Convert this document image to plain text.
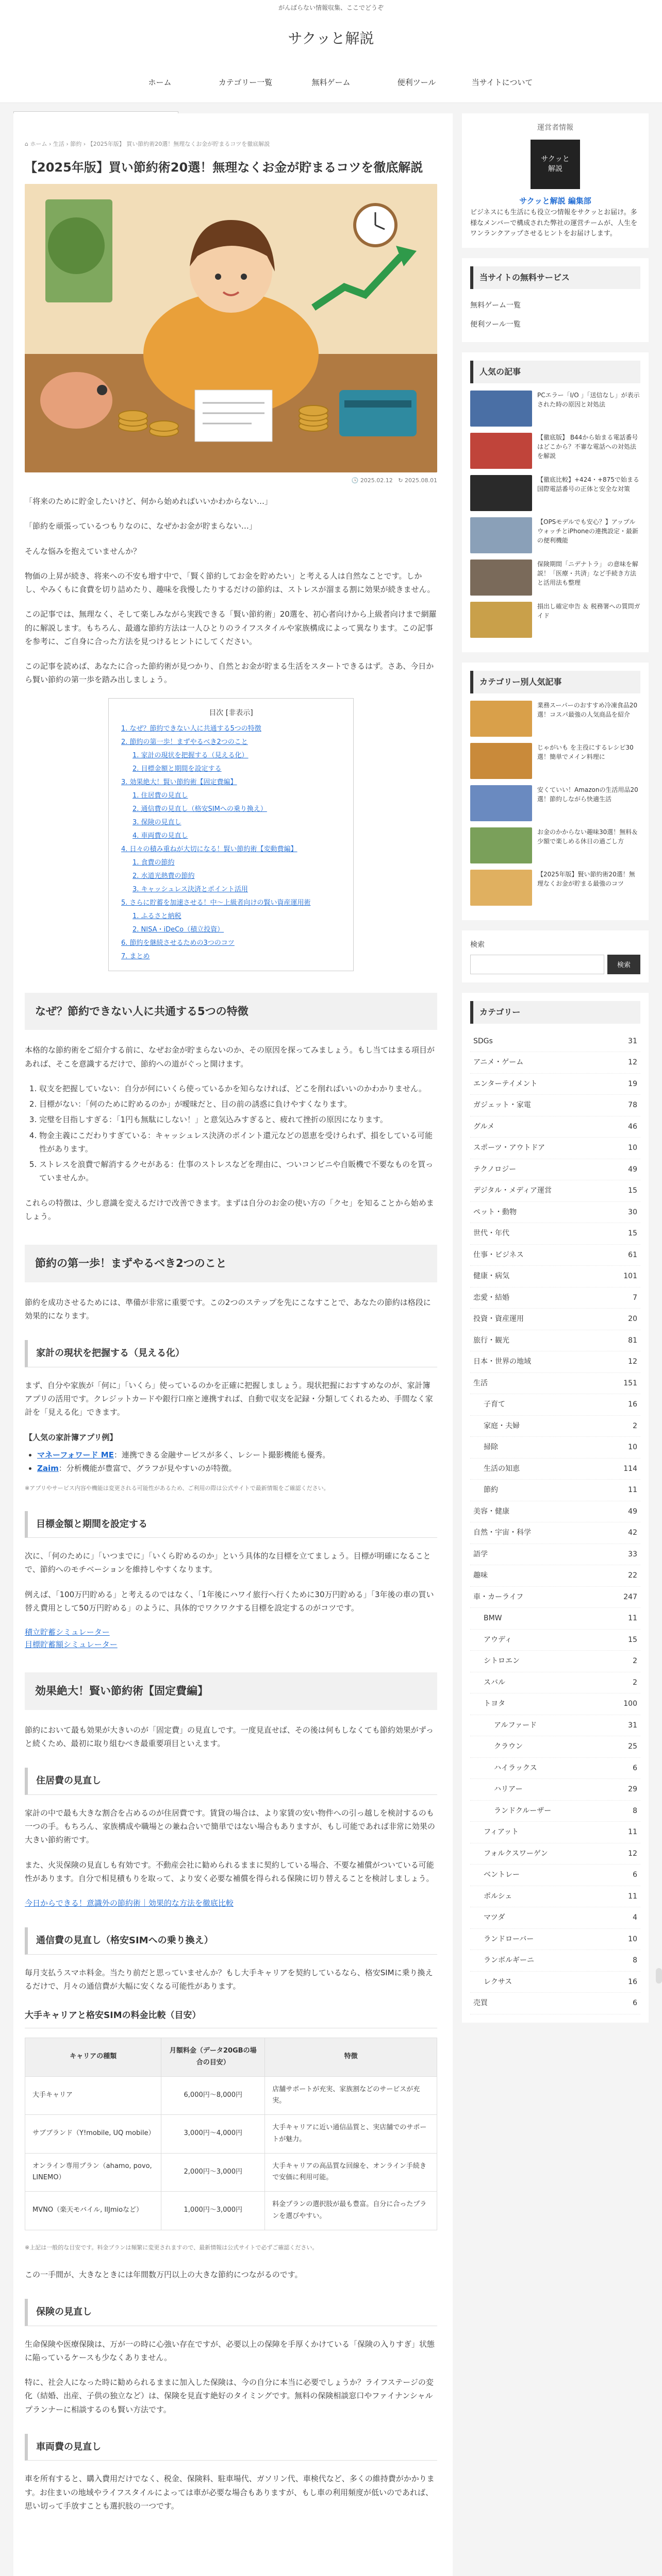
がんばらない情報収集、ここでどうぞ
サクッと解説
ホーム	カテゴリー一覧	無料ゲーム	便利ツール	当サイトについて
⌂ ホーム › 生活 › 節約 › 【2025年版】 買い節約術20選！無理なくお金が貯まるコツを徹底解説
【2025年版】買い節約術20選！無理なくお金が貯まるコツを徹底解説
🕓 2025.02.12 ↻ 2025.08.01

「将来のために貯金したいけど、何から始めればいいかわからない…」

「節約を頑張っているつもりなのに、なぜかお金が貯まらない…」

そんな悩みを抱えていませんか？

物価の上昇が続き、将来への不安も増す中で、「賢く節約してお金を貯めたい」と考える人は自然なことです。しかし、やみくもに食費を切り詰めたり、趣味を我慢したりするだけの節約は、ストレスが溜まる割に効果が続きません。

この記事では、無理なく、そして楽しみながら実践できる「賢い節約術」20選を、初心者向けから上級者向けまで網羅的に解説します。もちろん、最適な節約方法は一人ひとりのライフスタイルや家族構成によって異なります。この記事を参考に、ご自身に合った方法を見つけるヒントにしてください。

この記事を読めば、あなたに合った節約術が見つかり、自然とお金が貯まる生活をスタートできるはず。さあ、今日から賢い節約の第一歩を踏み出しましょう。

目次 [非表示]
1. なぜ？節約できない人に共通する5つの特徴
2. 節約の第一歩！まずやるべき2つのこと
1. 家計の現状を把握する（見える化）
2. 目標金額と期間を設定する
3. 効果絶大！賢い節約術【固定費編】
1. 住居費の見直し
2. 通信費の見直し（格安SIMへの乗り換え）
3. 保険の見直し
4. 車両費の見直し
4. 日々の積み重ねが大切になる！賢い節約術【変動費編】
1. 食費の節約
2. 水道光熱費の節約
3. キャッシュレス決済とポイント活用
5. さらに貯蓄を加速させる！中〜上級者向けの賢い資産運用術
1. ふるさと納税
2. NISA・iDeCo（積立投資）
6. 節約を継続させるための3つのコツ
7. まとめ
なぜ？節約できない人に共通する5つの特徴

本格的な節約術をご紹介する前に、なぜお金が貯まらないのか、その原因を探ってみましょう。もし当てはまる項目があれば、そこを意識するだけで、節約への道がぐっと開けます。

1. 収支を把握していない：自分が何にいくら使っているかを知らなければ、どこを削ればいいのかわかりません。
2. 目標がない：「何のために貯めるのか」が曖昧だと、目の前の誘惑に負けやすくなります。
3. 完璧を目指しすぎる：「1円も無駄にしない！」と意気込みすぎると、疲れて挫折の原因になります。
4. 物金主義にこだわりすぎている：キャッシュレス決済のポイント還元などの恩恵を受けられず、損をしている可能性があります。
5. ストレスを浪費で解消するクセがある：仕事のストレスなどを理由に、ついコンビニや自販機で不要なものを買っていませんか。

これらの特徴は、少し意識を変えるだけで改善できます。まずは自分のお金の使い方の「クセ」を知ることから始めましょう。

節約の第一歩！まずやるべき2つのこと

節約を成功させるためには、準備が非常に重要です。この2つのステップを先にこなすことで、あなたの節約は格段に効果的になります。

家計の現状を把握する（見える化）

まず、自分や家族が「何に」「いくら」使っているのかを正確に把握しましょう。現状把握におすすめなのが、家計簿アプリの活用です。クレジットカードや銀行口座と連携すれば、自動で収支を記録・分類してくれるため、手間なく家計を「見える化」できます。

【人気の家計簿アプリ例】

• マネーフォワード ME：連携できる金融サービスが多く、レシート撮影機能も優秀。
• Zaim：分析機能が豊富で、グラフが見やすいのが特徴。
※アプリやサービス内容や機能は変更される可能性があるため、ご利用の際は公式サイトで最新情報をご確認ください。
目標金額と期間を設定する

次に、「何のために」「いつまでに」「いくら貯めるのか」という具体的な目標を立てましょう。目標が明確になることで、節約へのモチベーションを維持しやすくなります。

例えば、「100万円貯める」と考えるのではなく、「1年後にハワイ旅行へ行くために30万円貯める」「3年後の車の買い替え費用として50万円貯める」のように、具体的でワクワクする目標を設定するのがコツです。

積立貯蓄シミュレーター
目標貯蓄額シミュレーター

効果絶大！賢い節約術【固定費編】

節約において最も効果が大きいのが「固定費」の見直しです。一度見直せば、その後は何もしなくても節約効果がずっと続くため、最初に取り組むべき最重要項目といえます。

住居費の見直し

家計の中で最も大きな割合を占めるのが住居費です。賃貸の場合は、より家賃の安い物件への引っ越しを検討するのも一つの手。もちろん、家族構成や職場との兼ね合いで簡単ではない場合もありますが、もし可能であれば非常に効果の大きい節約術です。

また、火災保険の見直しも有効です。不動産会社に勧められるままに契約している場合、不要な補償がついている可能性があります。自分で相見積もりを取って、より安く必要な補償を得られる保険に切り替えることを検討しましょう。

今日からできる！意識外の節約術｜効果的な方法を徹底比較

通信費の見直し（格安SIMへの乗り換え）

毎月支払うスマホ料金。当たり前だと思っていませんか？もし大手キャリアを契約しているなら、格安SIMに乗り換えるだけで、月々の通信費が大幅に安くなる可能性があります。

大手キャリアと格安SIMの料金比較（目安）
キャリアの種類	月額料金（データ20GBの場合の目安）	特徴
大手キャリア	6,000円〜8,000円	店舗サポートが充実、家族割などのサービスが充実。
サブブランド（Y!mobile, UQ mobile）	3,000円〜4,000円	大手キャリアに近い通信品質と、実店舗でのサポートが魅力。
オンライン専用プラン（ahamo, povo, LINEMO）	2,000円〜3,000円	大手キャリアの高品質な回線を、オンライン手続きで安価に利用可能。
MVNO（楽天モバイル, IIJmioなど）	1,000円〜3,000円	料金プランの選択肢が最も豊富。自分に合ったプランを選びやすい。
※上記は一般的な目安です。料金プランは頻繁に変更されますので、最新情報は公式サイトで必ずご確認ください。

この一手間が、大きなときには年間数万円以上の大きな節約につながるのです。

保険の見直し

生命保険や医療保険は、万が一の時に心強い存在ですが、必要以上の保障を手厚くかけている「保険の入りすぎ」状態に陥っているケースも少なくありません。

特に、社会人になった時に勧められるままに加入した保険は、今の自分に本当に必要でしょうか？ライフステージの変化（結婚、出産、子供の独立など）は、保険を見直す絶好のタイミングです。無料の保険相談窓口やファイナンシャルプランナーに相談するのも賢い方法です。

車両費の見直し

車を所有すると、購入費用だけでなく、税金、保険料、駐車場代、ガソリン代、車検代など、多くの維持費がかかります。お住まいの地域やライフスタイルによっては車が必要な場合もありますが、もし車の利用頻度が低いのであれば、思い切って手放すことも選択肢の一つです。

運営者情報
サクッと
解説
サクッと解説 編集部
ビジネスにも生活にも役立つ情報をサクッとお届け。多様なメンバーで構成された弊社の運営チームが、人生をワンランクアップさせるヒントをお届けします。
当サイトの無料サービス
無料ゲーム一覧
便利ツール一覧
人気の記事
PCエラー「I/O 」「送信なし」が表示された時の原因と対処法
【徹底版】 B44から始まる電話番号はどこから？不審な電話への対処法を解説
【徹底比較】+424・+875で始まる国際電話番号の正体と安全な対策
【OPSモデルでも安心？】アップルウォッチとiPhoneの連携設定・最新の便利機能
保険期間「ニデナトラ」 の意味を解説！「医療・共済」など手続き方法と活用法も整理
損出し確定申告 ＆ 税務署への質問ガイド
カテゴリー別人気記事
業務スーパーのおすすめ冷凍食品20選！コスパ最強の人気商品を紹介
じゃがいも を主役にするレシピ30選！簡単でメイン料理に
安くていい！Amazonの生活用品20選！節約しながら快適生活
お金のかからない趣味30選！無料＆少額で楽しめる休日の過ごし方
【2025年版】賢い節約術20選！無理なくお金が貯まる最強のコツ
検索
検索
カテゴリー
SDGs	31
アニメ・ゲーム	12
エンターテイメント	19
ガジェット・家電	78
グルメ	46
スポーツ・アウトドア	10
テクノロジー	49
デジタル・メディア運営	15
ペット・動物	30
世代・年代	15
仕事・ビジネス	61
健康・病気	101
恋愛・結婚	7
投資・資産運用	20
旅行・観光	81
日本・世界の地域	12
生活	151
子育て	16
家庭・夫婦	2
掃除	10
生活の知恵	114
節約	11
美容・健康	49
自然・宇宙・科学	42
語学	33
趣味	22
車・カーライフ	247
BMW	11
アウディ	15
シトロエン	2
スバル	2
トヨタ	100
アルファード	31
クラウン	25
ハイラックス	6
ハリアー	29
ランドクルーザー	8
フィアット	11
フォルクスワーゲン	12
ベントレー	6
ポルシェ	11
マツダ	4
ランドローバー	10
ランボルギーニ	8
レクサス	16
売買	6
